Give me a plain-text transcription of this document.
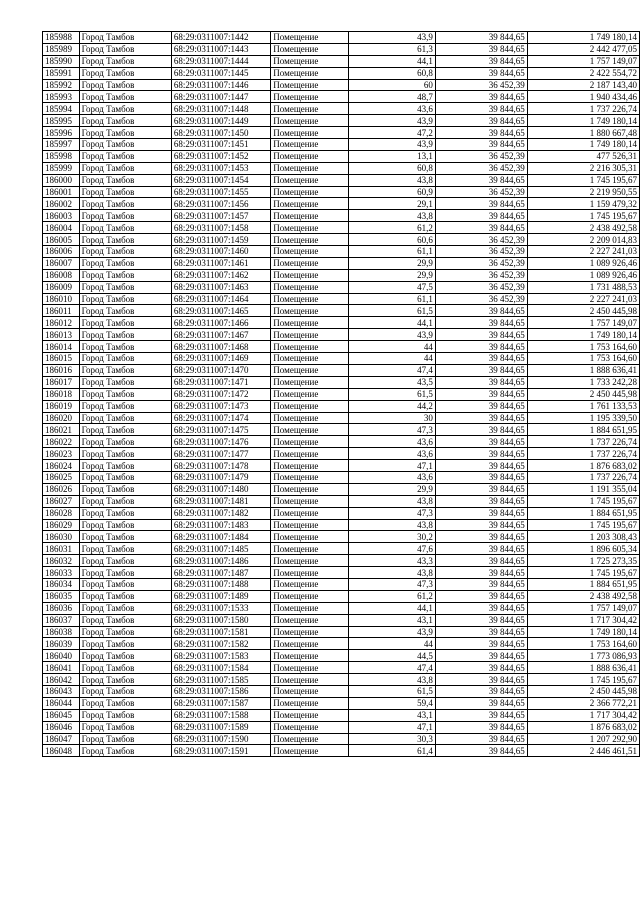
185988	Город Тамбов	68:29:0311007:1442	Помещение	43,9	39 844,65	1 749 180,14
185989	Город Тамбов	68:29:0311007:1443	Помещение	61,3	39 844,65	2 442 477,05
185990	Город Тамбов	68:29:0311007:1444	Помещение	44,1	39 844,65	1 757 149,07
185991	Город Тамбов	68:29:0311007:1445	Помещение	60,8	39 844,65	2 422 554,72
185992	Город Тамбов	68:29:0311007:1446	Помещение	60	36 452,39	2 187 143,40
185993	Город Тамбов	68:29:0311007:1447	Помещение	48,7	39 844,65	1 940 434,46
185994	Город Тамбов	68:29:0311007:1448	Помещение	43,6	39 844,65	1 737 226,74
185995	Город Тамбов	68:29:0311007:1449	Помещение	43,9	39 844,65	1 749 180,14
185996	Город Тамбов	68:29:0311007:1450	Помещение	47,2	39 844,65	1 880 667,48
185997	Город Тамбов	68:29:0311007:1451	Помещение	43,9	39 844,65	1 749 180,14
185998	Город Тамбов	68:29:0311007:1452	Помещение	13,1	36 452,39	477 526,31
185999	Город Тамбов	68:29:0311007:1453	Помещение	60,8	36 452,39	2 216 305,31
186000	Город Тамбов	68:29:0311007:1454	Помещение	43,8	39 844,65	1 745 195,67
186001	Город Тамбов	68:29:0311007:1455	Помещение	60,9	36 452,39	2 219 950,55
186002	Город Тамбов	68:29:0311007:1456	Помещение	29,1	39 844,65	1 159 479,32
186003	Город Тамбов	68:29:0311007:1457	Помещение	43,8	39 844,65	1 745 195,67
186004	Город Тамбов	68:29:0311007:1458	Помещение	61,2	39 844,65	2 438 492,58
186005	Город Тамбов	68:29:0311007:1459	Помещение	60,6	36 452,39	2 209 014,83
186006	Город Тамбов	68:29:0311007:1460	Помещение	61,1	36 452,39	2 227 241,03
186007	Город Тамбов	68:29:0311007:1461	Помещение	29,9	36 452,39	1 089 926,46
186008	Город Тамбов	68:29:0311007:1462	Помещение	29,9	36 452,39	1 089 926,46
186009	Город Тамбов	68:29:0311007:1463	Помещение	47,5	36 452,39	1 731 488,53
186010	Город Тамбов	68:29:0311007:1464	Помещение	61,1	36 452,39	2 227 241,03
186011	Город Тамбов	68:29:0311007:1465	Помещение	61,5	39 844,65	2 450 445,98
186012	Город Тамбов	68:29:0311007:1466	Помещение	44,1	39 844,65	1 757 149,07
186013	Город Тамбов	68:29:0311007:1467	Помещение	43,9	39 844,65	1 749 180,14
186014	Город Тамбов	68:29:0311007:1468	Помещение	44	39 844,65	1 753 164,60
186015	Город Тамбов	68:29:0311007:1469	Помещение	44	39 844,65	1 753 164,60
186016	Город Тамбов	68:29:0311007:1470	Помещение	47,4	39 844,65	1 888 636,41
186017	Город Тамбов	68:29:0311007:1471	Помещение	43,5	39 844,65	1 733 242,28
186018	Город Тамбов	68:29:0311007:1472	Помещение	61,5	39 844,65	2 450 445,98
186019	Город Тамбов	68:29:0311007:1473	Помещение	44,2	39 844,65	1 761 133,53
186020	Город Тамбов	68:29:0311007:1474	Помещение	30	39 844,65	1 195 339,50
186021	Город Тамбов	68:29:0311007:1475	Помещение	47,3	39 844,65	1 884 651,95
186022	Город Тамбов	68:29:0311007:1476	Помещение	43,6	39 844,65	1 737 226,74
186023	Город Тамбов	68:29:0311007:1477	Помещение	43,6	39 844,65	1 737 226,74
186024	Город Тамбов	68:29:0311007:1478	Помещение	47,1	39 844,65	1 876 683,02
186025	Город Тамбов	68:29:0311007:1479	Помещение	43,6	39 844,65	1 737 226,74
186026	Город Тамбов	68:29:0311007:1480	Помещение	29,9	39 844,65	1 191 355,04
186027	Город Тамбов	68:29:0311007:1481	Помещение	43,8	39 844,65	1 745 195,67
186028	Город Тамбов	68:29:0311007:1482	Помещение	47,3	39 844,65	1 884 651,95
186029	Город Тамбов	68:29:0311007:1483	Помещение	43,8	39 844,65	1 745 195,67
186030	Город Тамбов	68:29:0311007:1484	Помещение	30,2	39 844,65	1 203 308,43
186031	Город Тамбов	68:29:0311007:1485	Помещение	47,6	39 844,65	1 896 605,34
186032	Город Тамбов	68:29:0311007:1486	Помещение	43,3	39 844,65	1 725 273,35
186033	Город Тамбов	68:29:0311007:1487	Помещение	43,8	39 844,65	1 745 195,67
186034	Город Тамбов	68:29:0311007:1488	Помещение	47,3	39 844,65	1 884 651,95
186035	Город Тамбов	68:29:0311007:1489	Помещение	61,2	39 844,65	2 438 492,58
186036	Город Тамбов	68:29:0311007:1533	Помещение	44,1	39 844,65	1 757 149,07
186037	Город Тамбов	68:29:0311007:1580	Помещение	43,1	39 844,65	1 717 304,42
186038	Город Тамбов	68:29:0311007:1581	Помещение	43,9	39 844,65	1 749 180,14
186039	Город Тамбов	68:29:0311007:1582	Помещение	44	39 844,65	1 753 164,60
186040	Город Тамбов	68:29:0311007:1583	Помещение	44,5	39 844,65	1 773 086,93
186041	Город Тамбов	68:29:0311007:1584	Помещение	47,4	39 844,65	1 888 636,41
186042	Город Тамбов	68:29:0311007:1585	Помещение	43,8	39 844,65	1 745 195,67
186043	Город Тамбов	68:29:0311007:1586	Помещение	61,5	39 844,65	2 450 445,98
186044	Город Тамбов	68:29:0311007:1587	Помещение	59,4	39 844,65	2 366 772,21
186045	Город Тамбов	68:29:0311007:1588	Помещение	43,1	39 844,65	1 717 304,42
186046	Город Тамбов	68:29:0311007:1589	Помещение	47,1	39 844,65	1 876 683,02
186047	Город Тамбов	68:29:0311007:1590	Помещение	30,3	39 844,65	1 207 292,90
186048	Город Тамбов	68:29:0311007:1591	Помещение	61,4	39 844,65	2 446 461,51
